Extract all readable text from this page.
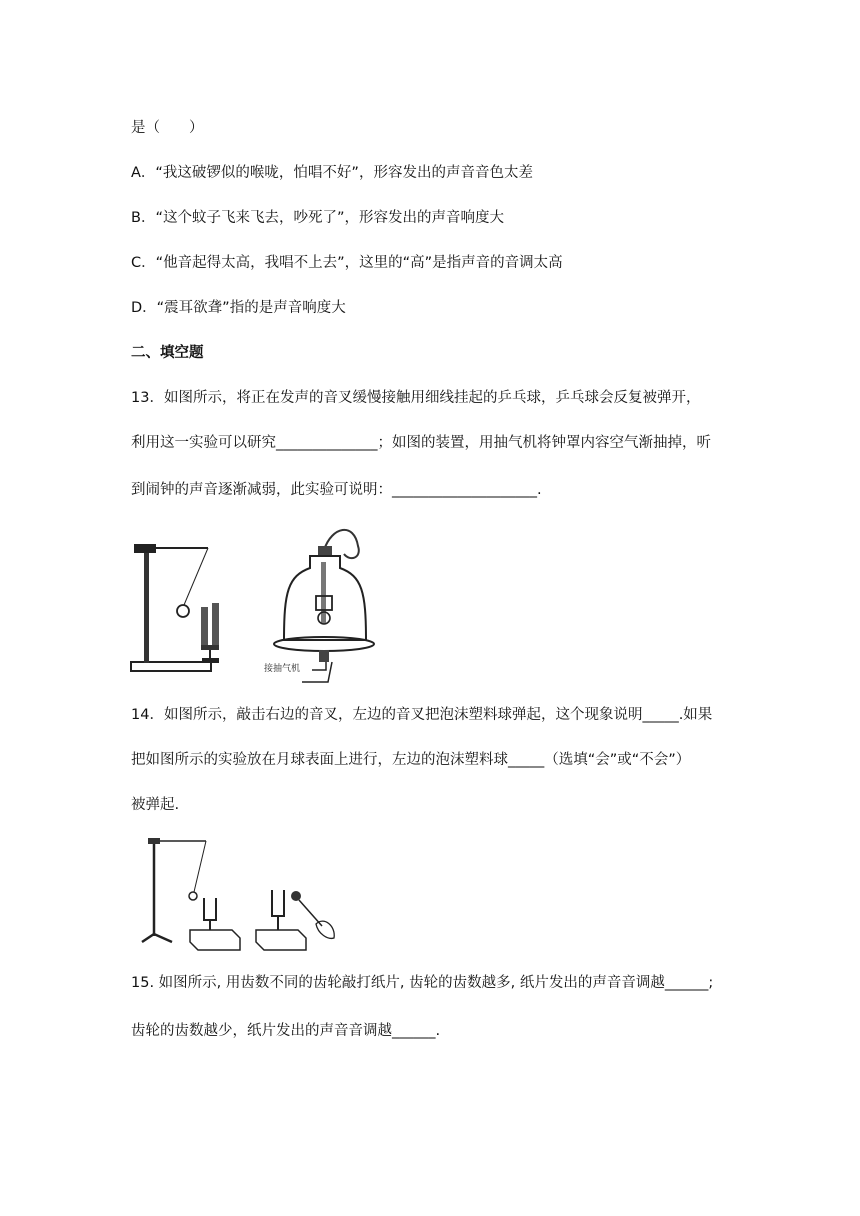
是（　　）
A．“我这破锣似的喉咙，怕唱不好”，形容发出的声音音色太差
B．“这个蚊子飞来飞去，吵死了”，形容发出的声音响度大
C．“他音起得太高，我唱不上去”，这里的“高”是指声音的音调太高
D．“震耳欲聋”指的是声音响度大
二、填空题
13．如图所示，将正在发声的音叉缓慢接触用细线挂起的乒乓球，乒乓球会反复被弹开，
利用这一实验可以研究______________；如图的装置，用抽气机将钟罩内容空气渐抽掉，听
到闹钟的声音逐渐减弱，此实验可说明：____________________.
接抽气机
14．如图所示，敲击右边的音叉，左边的音叉把泡沫塑料球弹起，这个现象说明_____.如果
把如图所示的实验放在月球表面上进行，左边的泡沫塑料球_____（选填“会”或“不会”）
被弹起.
15. 如图所示, 用齿数不同的齿轮敲打纸片, 齿轮的齿数越多, 纸片发出的声音音调越______;
齿轮的齿数越少，纸片发出的声音音调越______.
